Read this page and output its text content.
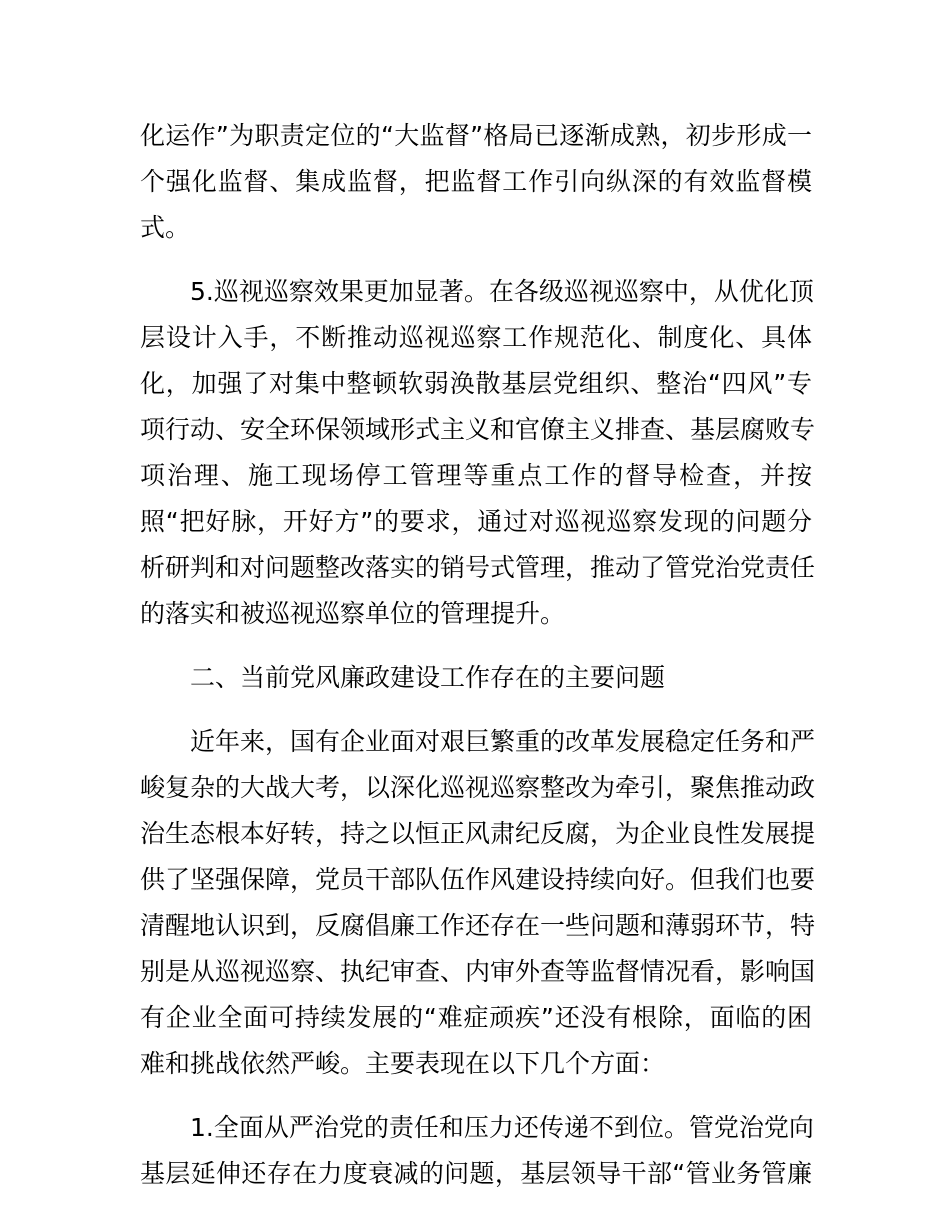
化运作”为职责定位的“大监督”格局已逐渐成熟，初步形成一
个强化监督、集成监督，把监督工作引向纵深的有效监督模
式。
5.巡视巡察效果更加显著。在各级巡视巡察中，从优化顶
层设计入手，不断推动巡视巡察工作规范化、制度化、具体
化，加强了对集中整顿软弱涣散基层党组织、整治“四风”专
项行动、安全环保领域形式主义和官僚主义排查、基层腐败专
项治理、施工现场停工管理等重点工作的督导检查，并按
照“把好脉，开好方”的要求，通过对巡视巡察发现的问题分
析研判和对问题整改落实的销号式管理，推动了管党治党责任
的落实和被巡视巡察单位的管理提升。
二、当前党风廉政建设工作存在的主要问题
近年来，国有企业面对艰巨繁重的改革发展稳定任务和严
峻复杂的大战大考，以深化巡视巡察整改为牵引，聚焦推动政
治生态根本好转，持之以恒正风肃纪反腐，为企业良性发展提
供了坚强保障，党员干部队伍作风建设持续向好。但我们也要
清醒地认识到，反腐倡廉工作还存在一些问题和薄弱环节，特
别是从巡视巡察、执纪审查、内审外查等监督情况看，影响国
有企业全面可持续发展的“难症顽疾”还没有根除，面临的困
难和挑战依然严峻。主要表现在以下几个方面：
1.全面从严治党的责任和压力还传递不到位。管党治党向
基层延伸还存在力度衰减的问题，基层领导干部“管业务管廉
